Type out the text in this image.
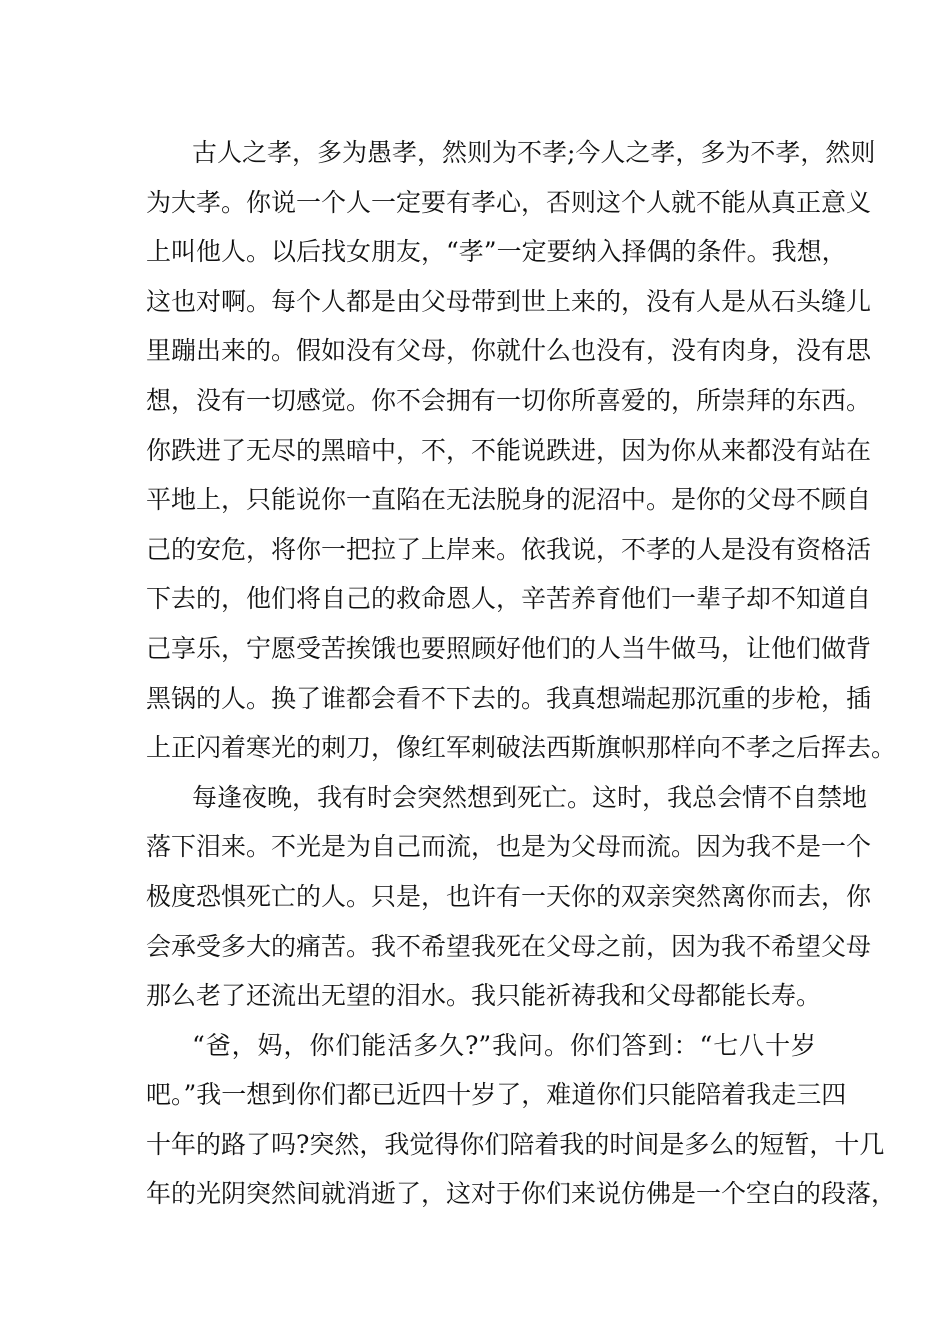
古人之孝，多为愚孝，然则为不孝;今人之孝，多为不孝，然则
为大孝。你说一个人一定要有孝心，否则这个人就不能从真正意义
上叫他人。以后找女朋友，“孝”一定要纳入择偶的条件。我想，
这也对啊。每个人都是由父母带到世上来的，没有人是从石头缝儿
里蹦出来的。假如没有父母，你就什么也没有，没有肉身，没有思
想，没有一切感觉。你不会拥有一切你所喜爱的，所崇拜的东西。
你跌进了无尽的黑暗中，不，不能说跌进，因为你从来都没有站在
平地上，只能说你一直陷在无法脱身的泥沼中。是你的父母不顾自
己的安危，将你一把拉了上岸来。依我说，不孝的人是没有资格活
下去的，他们将自己的救命恩人，辛苦养育他们一辈子却不知道自
己享乐，宁愿受苦挨饿也要照顾好他们的人当牛做马，让他们做背
黑锅的人。换了谁都会看不下去的。我真想端起那沉重的步枪，插
上正闪着寒光的刺刀，像红军刺破法西斯旗帜那样向不孝之后挥去。
每逢夜晚，我有时会突然想到死亡。这时，我总会情不自禁地
落下泪来。不光是为自己而流，也是为父母而流。因为我不是一个
极度恐惧死亡的人。只是，也许有一天你的双亲突然离你而去，你
会承受多大的痛苦。我不希望我死在父母之前，因为我不希望父母
那么老了还流出无望的泪水。我只能祈祷我和父母都能长寿。
“爸，妈，你们能活多久?”我问。你们答到：“七八十岁
吧。”我一想到你们都已近四十岁了，难道你们只能陪着我走三四
十年的路了吗?突然，我觉得你们陪着我的时间是多么的短暂，十几
年的光阴突然间就消逝了，这对于你们来说仿佛是一个空白的段落，
